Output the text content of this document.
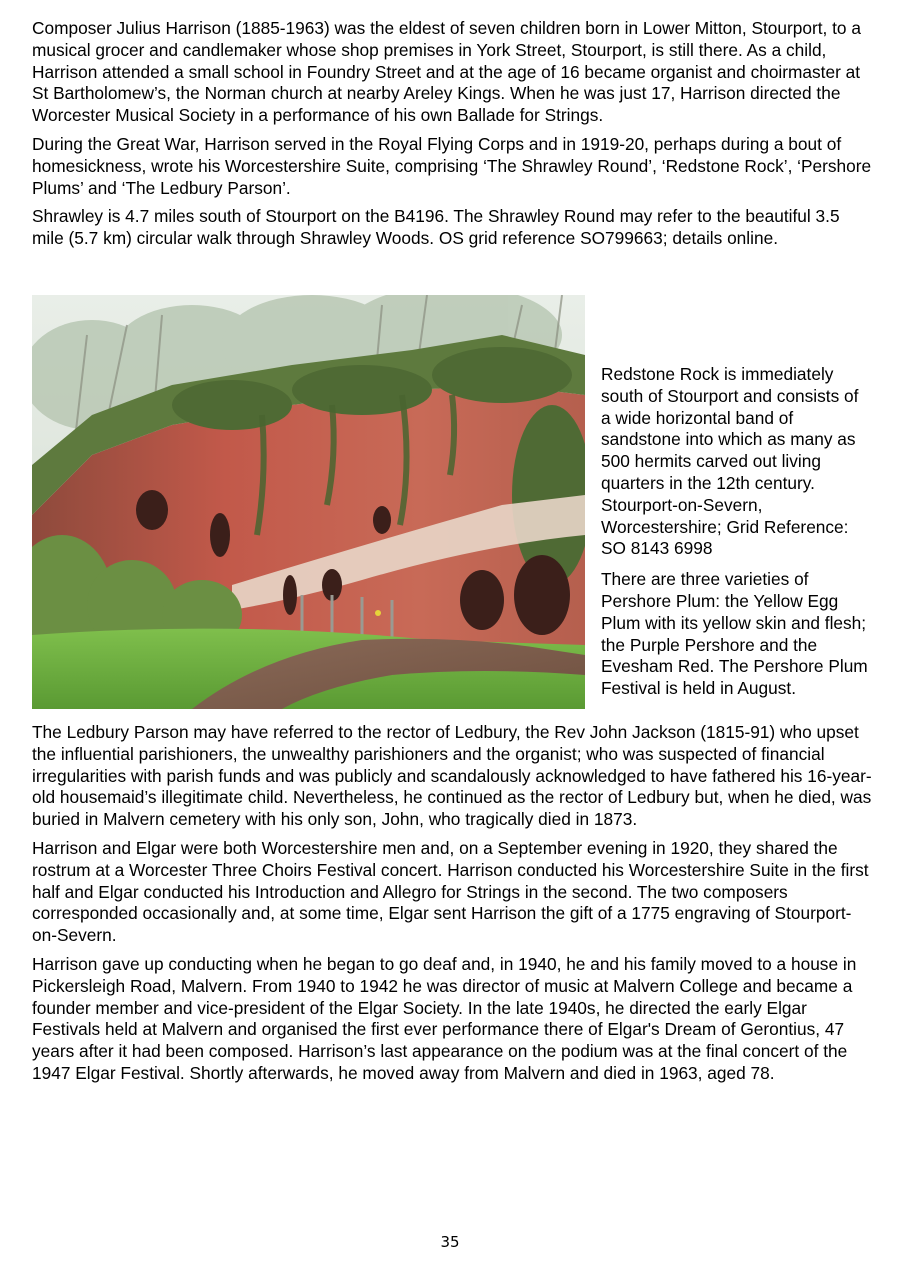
Composer Julius Harrison (1885-1963) was the eldest of seven children born in Lower Mitton, Stourport, to a musical grocer and candlemaker whose shop premises in York Street, Stourport, is still there. As a child, Harrison attended a small school in Foundry Street and at the age of 16 became organist and choirmaster at St Bartholomew’s, the Norman church at nearby Areley Kings. When he was just 17, Harrison directed the Worcester Musical Society in a performance of his own Ballade for Strings.

During the Great War, Harrison served in the Royal Flying Corps and in 1919-20, perhaps during a bout of homesickness, wrote his Worcestershire Suite, comprising ‘The Shrawley Round’, ‘Redstone Rock’, ‘Pershore Plums’ and ‘The Ledbury Parson’.

Shrawley is 4.7 miles south of Stourport on the B4196. The Shrawley Round may refer to the beautiful 3.5 mile (5.7 km) circular walk through Shrawley Woods. OS grid reference SO799663; details online.

Redstone Rock is immediately south of Stourport and consists of a wide horizontal band of sandstone into which as many as 500 hermits carved out living quarters in the 12th century. Stourport-on-Severn, Worcestershire; Grid Reference: SO 8143 6998

There are three varieties of Pershore Plum: the Yellow Egg Plum with its yellow skin and flesh; the Purple Pershore and the Evesham Red. The Pershore Plum Festival is held in August.

The Ledbury Parson may have referred to the rector of Ledbury, the Rev John Jackson (1815-91) who upset the influential parishioners, the unwealthy parishioners and the organist; who was suspected of financial irregularities with parish funds and was publicly and scandalously acknowledged to have fathered his 16-year-old housemaid’s illegitimate child. Nevertheless, he continued as the rector of Ledbury but, when he died, was buried in Malvern cemetery with his only son, John, who tragically died in 1873.

Harrison and Elgar were both Worcestershire men and, on a September evening in 1920, they shared the rostrum at a Worcester Three Choirs Festival concert. Harrison conducted his Worcestershire Suite in the first half and Elgar conducted his Introduction and Allegro for Strings in the second. The two composers corresponded occasionally and, at some time, Elgar sent Harrison the gift of a 1775 engraving of Stourport-on-Severn.

Harrison gave up conducting when he began to go deaf and, in 1940, he and his family moved to a house in Pickersleigh Road, Malvern. From 1940 to 1942 he was director of music at Malvern College and became a founder member and vice-president of the Elgar Society. In the late 1940s, he directed the early Elgar Festivals held at Malvern and organised the first ever performance there of Elgar's Dream of Gerontius, 47 years after it had been composed. Harrison’s last appearance on the podium was at the final concert of the 1947 Elgar Festival. Shortly afterwards, he moved away from Malvern and died in 1963, aged 78.

35
